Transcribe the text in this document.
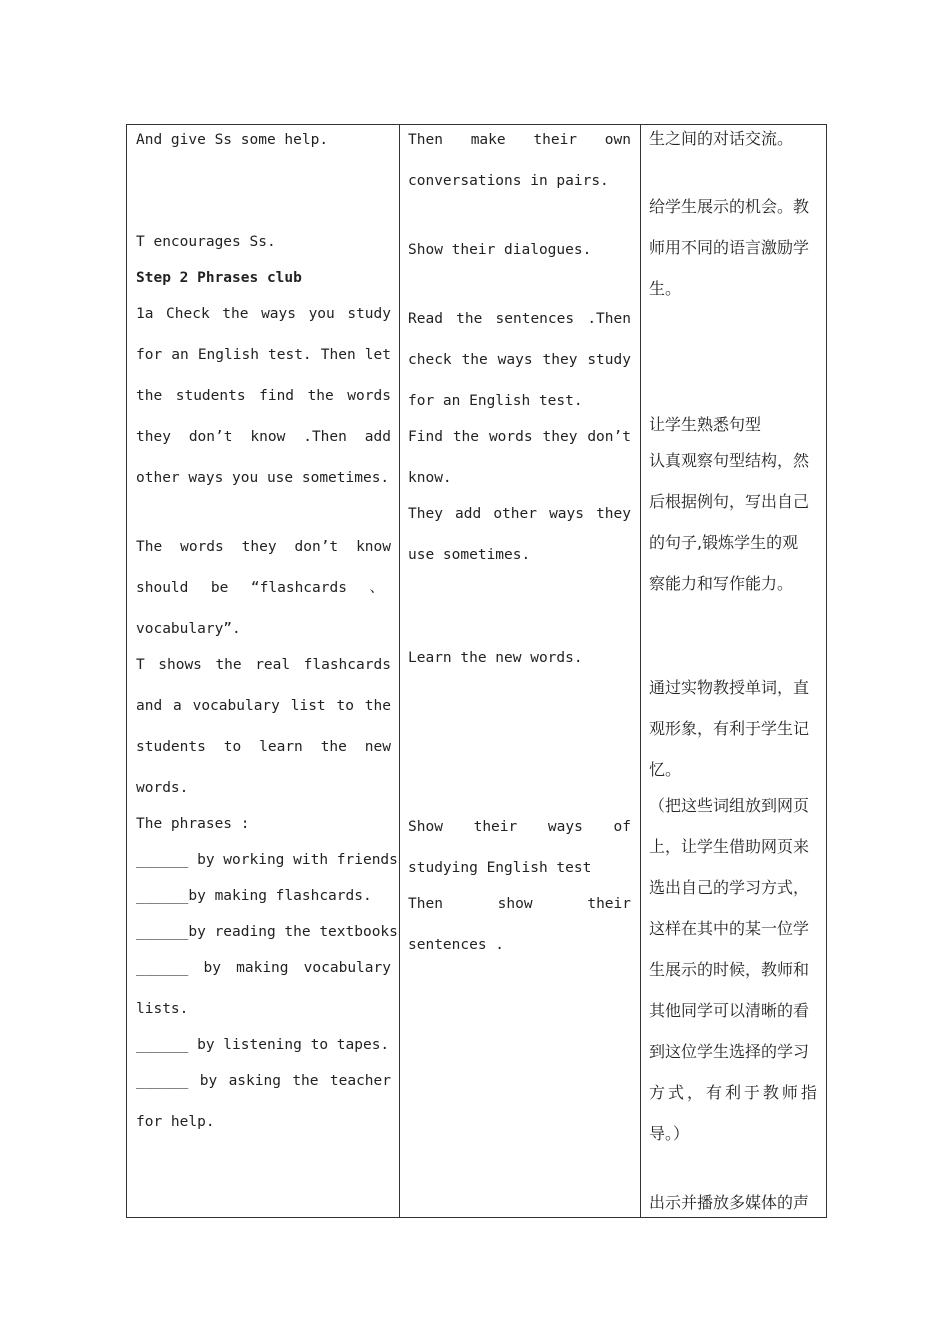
And give Ss some help.
T encourages Ss.
Step 2 Phrases club
1a Check the ways you study
for an English test. Then let
the students find the words
they don’t know .Then add
other ways you use sometimes.
The words they don’t know
should be “flashcards 、
vocabulary”.
T shows the real flashcards
and a vocabulary list to the
students to learn the new
words.
The phrases :
______ by working with friends
______by making flashcards.
______by reading the textbooks
______ by making vocabulary
lists.
______ by listening to tapes.
______ by asking the teacher
for help.
Then make their own
conversations in pairs.
Show their dialogues.
Read the sentences .Then
check the ways they study
for an English test.
Find the words they don’t
know.
They add other ways they
use sometimes.
Learn the new words.
Show their ways of
studying English test
Then	show	their
sentences .
生之间的对话交流。
给学生展示的机会。教
师用不同的语言激励学
生。
让学生熟悉句型
认真观察句型结构，然
后根据例句，写出自己
的句子,锻炼学生的观
察能力和写作能力。
通过实物教授单词，直
观形象，有利于学生记
忆。
（把这些词组放到网页
上，让学生借助网页来
选出自己的学习方式，
这样在其中的某一位学
生展示的时候，教师和
其他同学可以清晰的看
到这位学生选择的学习
方 式 ， 有 利 于 教 师 指
导。）
出示并播放多媒体的声
